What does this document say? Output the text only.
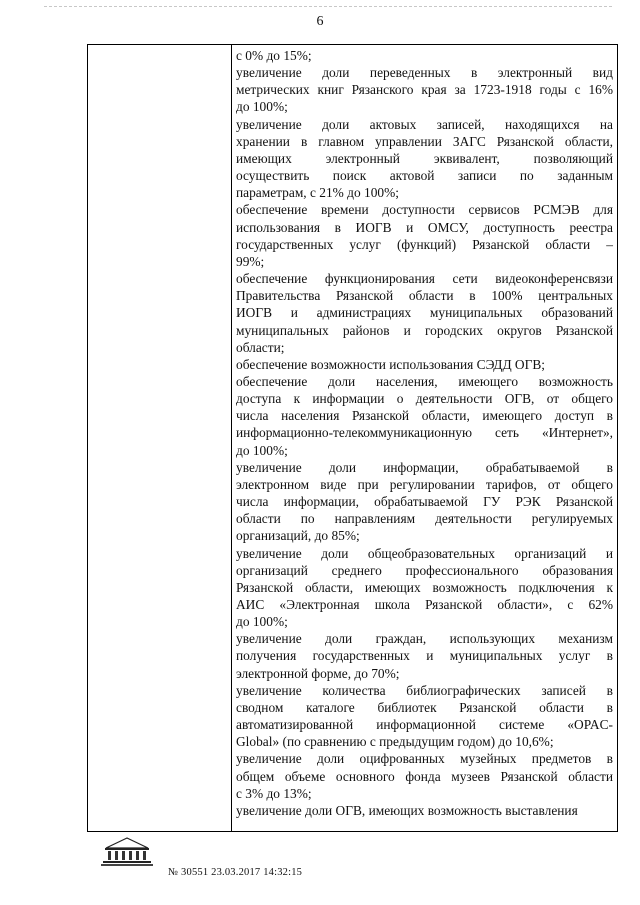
6

с 0% до 15%;

увеличение доли переведенных в электронный вид
метрических книг Рязанского края за 1723-1918 годы с 16%
до 100%;

увеличение доли актовых записей, находящихся на
хранении в главном управлении ЗАГС Рязанской области,
имеющих электронный эквивалент, позволяющий
осуществить поиск актовой записи по заданным
параметрам, с 21% до 100%;

обеспечение времени доступности сервисов РСМЭВ для
использования в ИОГВ и ОМСУ, доступность реестра
государственных услуг (функций) Рязанской области –
99%;

обеспечение функционирования сети видеоконференсвязи
Правительства Рязанской области в 100% центральных
ИОГВ и администрациях муниципальных образований
муниципальных районов и городских округов Рязанской
области;

обеспечение возможности использования СЭДД ОГВ;

обеспечение доли населения, имеющего возможность
доступа к информации о деятельности ОГВ, от общего
числа населения Рязанской области, имеющего доступ в
информационно-телекоммуникационную сеть «Интернет»,
до 100%;

увеличение доли информации, обрабатываемой в
электронном виде при регулировании тарифов, от общего
числа информации, обрабатываемой ГУ РЭК Рязанской
области по направлениям деятельности регулируемых
организаций, до 85%;

увеличение доли общеобразовательных организаций и
организаций среднего профессионального образования
Рязанской области, имеющих возможность подключения к
АИС «Электронная школа Рязанской области», с 62%
до 100%;

увеличение доли граждан, использующих механизм
получения государственных и муниципальных услуг в
электронной форме, до 70%;

увеличение количества библиографических записей в
сводном каталоге библиотек Рязанской области в
автоматизированной информационной системе «OPAC-
Global» (по сравнению с предыдущим годом) до 10,6%;

увеличение доли оцифрованных музейных предметов в
общем объеме основного фонда музеев Рязанской области
с 3% до 13%;

увеличение доли ОГВ, имеющих возможность выставления

№ 30551 23.03.2017 14:32:15
